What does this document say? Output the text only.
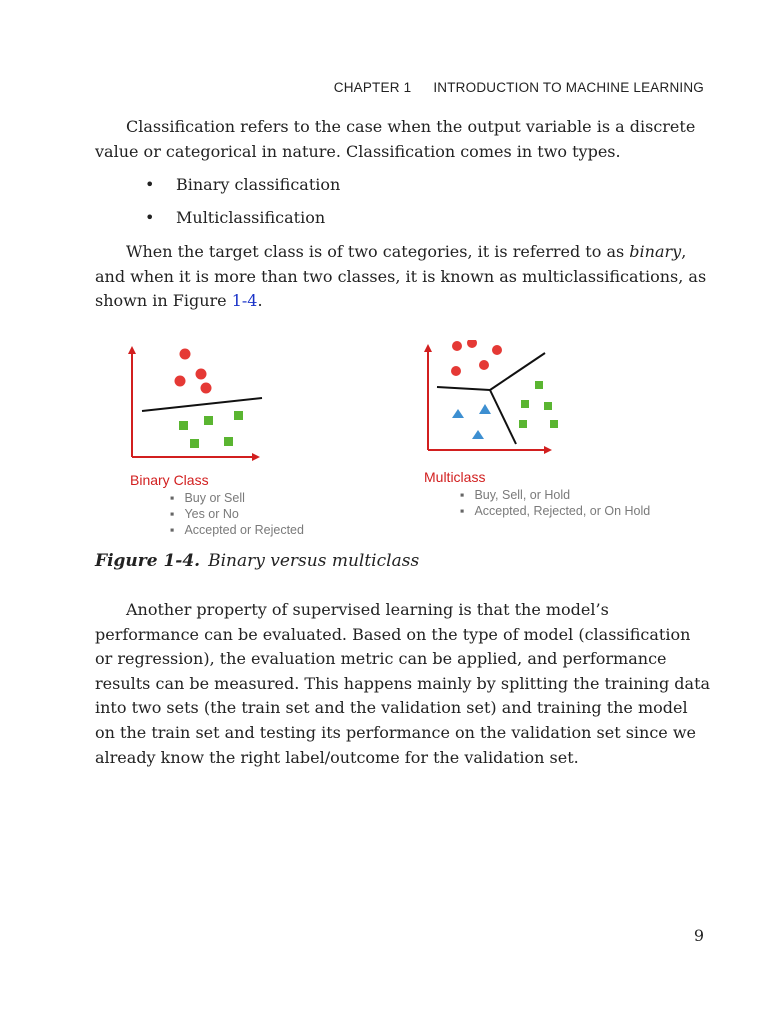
CHAPTER 1 INTRODUCTION TO MACHINE LEARNING
Classification refers to the case when the output variable is a discrete
value or categorical in nature. Classification comes in two types.
• Binary classification
• Multiclassification
When the target class is of two categories, it is referred to as binary,
and when it is more than two classes, it is known as multiclassifications, as
shown in Figure 1-4.
Binary Class
▪ Buy or Sell
▪ Yes or No
▪ Accepted or Rejected
Multiclass
▪ Buy, Sell, or Hold
▪ Accepted, Rejected, or On Hold
Figure 1-4. Binary versus multiclass
Another property of supervised learning is that the model’s
performance can be evaluated. Based on the type of model (classification
or regression), the evaluation metric can be applied, and performance
results can be measured. This happens mainly by splitting the training data
into two sets (the train set and the validation set) and training the model
on the train set and testing its performance on the validation set since we
already know the right label/outcome for the validation set.
9
